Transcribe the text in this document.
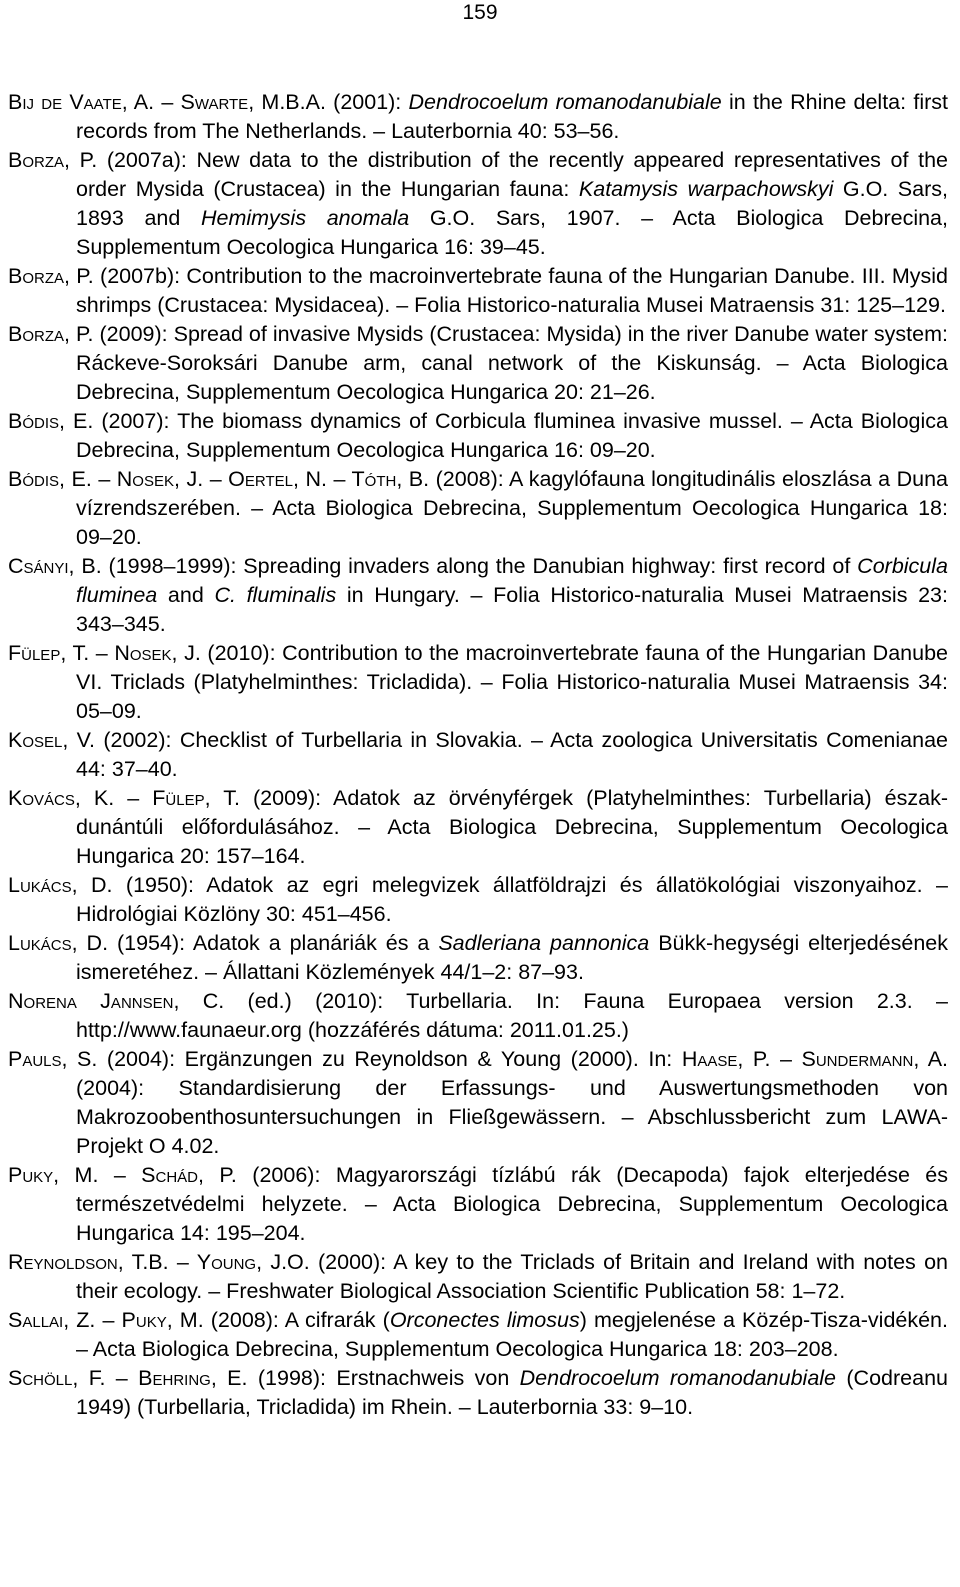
159

Bij de Vaate, A. – Swarte, M.B.A. (2001): Dendrocoelum romanodanubiale in the Rhine delta: first records from The Netherlands. – Lauterbornia 40: 53–56.

Borza, P. (2007a): New data to the distribution of the recently appeared representatives of the order Mysida (Crustacea) in the Hungarian fauna: Katamysis warpachowskyi G.O. Sars, 1893 and Hemimysis anomala G.O. Sars, 1907. – Acta Biologica Debrecina, Supplementum Oecologica Hungarica 16: 39–45.

Borza, P. (2007b): Contribution to the macroinvertebrate fauna of the Hungarian Danube. III. Mysid shrimps (Crustacea: Mysidacea). – Folia Historico-naturalia Musei Matraensis 31: 125–129.

Borza, P. (2009): Spread of invasive Mysids (Crustacea: Mysida) in the river Danube water system: Ráckeve-Soroksári Danube arm, canal network of the Kiskunság. – Acta Biologica Debrecina, Supplementum Oecologica Hungarica 20: 21–26.

Bódis, E. (2007): The biomass dynamics of Corbicula fluminea invasive mussel. – Acta Biologica Debrecina, Supplementum Oecologica Hungarica 16: 09–20.

Bódis, E. – Nosek, J. – Oertel, N. – Tóth, B. (2008): A kagylófauna longitudinális eloszlása a Duna vízrendszerében. – Acta Biologica Debrecina, Supplementum Oecologica Hungarica 18: 09–20.

Csányi, B. (1998–1999): Spreading invaders along the Danubian highway: first record of Corbicula fluminea and C. fluminalis in Hungary. – Folia Historico-naturalia Musei Matraensis 23: 343–345.

Fülep, T. – Nosek, J. (2010): Contribution to the macroinvertebrate fauna of the Hungarian Danube VI. Triclads (Platyhelminthes: Tricladida). – Folia Historico-naturalia Musei Matraensis 34: 05–09.

Kosel, V. (2002): Checklist of Turbellaria in Slovakia. – Acta zoologica Universitatis Comenianae 44: 37–40.

Kovács, K. – Fülep, T. (2009): Adatok az örvényférgek (Platyhelminthes: Turbellaria) észak-dunántúli előfordulásához. – Acta Biologica Debrecina, Supplementum Oecologica Hungarica 20: 157–164.

Lukács, D. (1950): Adatok az egri melegvizek állatföldrajzi és állatökológiai viszonyaihoz. – Hidrológiai Közlöny 30: 451–456.

Lukács, D. (1954): Adatok a planáriák és a Sadleriana pannonica Bükk-hegységi elterjedésének ismeretéhez. – Állattani Közlemények 44/1–2: 87–93.

Norena Jannsen, C. (ed.) (2010): Turbellaria. In: Fauna Europaea version 2.3. – http://www.faunaeur.org (hozzáférés dátuma: 2011.01.25.)

Pauls, S. (2004): Ergänzungen zu Reynoldson & Young (2000). In: Haase, P. – Sundermann, A. (2004): Standardisierung der Erfassungs- und Auswertungsmethoden von Makrozoobenthosuntersuchungen in Fließgewässern. – Abschlussbericht zum LAWA-Projekt O 4.02.

Puky, M. – Schád, P. (2006): Magyarországi tízlábú rák (Decapoda) fajok elterjedése és természetvédelmi helyzete. – Acta Biologica Debrecina, Supplementum Oecologica Hungarica 14: 195–204.

Reynoldson, T.B. – Young, J.O. (2000): A key to the Triclads of Britain and Ireland with notes on their ecology. – Freshwater Biological Association Scientific Publication 58: 1–72.

Sallai, Z. – Puky, M. (2008): A cifrarák (Orconectes limosus) megjelenése a Közép-Tisza-vidékén. – Acta Biologica Debrecina, Supplementum Oecologica Hungarica 18: 203–208.

Schöll, F. – Behring, E. (1998): Erstnachweis von Dendrocoelum romanodanubiale (Codreanu 1949) (Turbellaria, Tricladida) im Rhein. – Lauterbornia 33: 9–10.
